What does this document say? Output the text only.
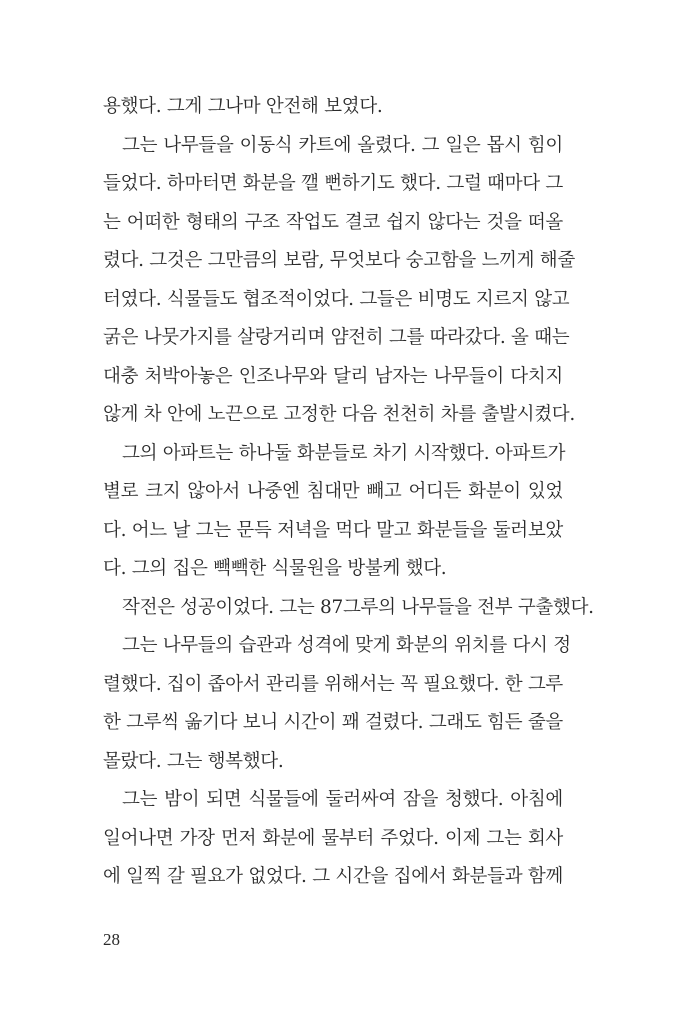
용했다. 그게 그나마 안전해 보였다.
그는 나무들을 이동식 카트에 올렸다. 그 일은 몹시 힘이
들었다. 하마터면 화분을 깰 뻔하기도 했다. 그럴 때마다 그
는 어떠한 형태의 구조 작업도 결코 쉽지 않다는 것을 떠올
렸다. 그것은 그만큼의 보람, 무엇보다 숭고함을 느끼게 해줄
터였다. 식물들도 협조적이었다. 그들은 비명도 지르지 않고
굵은 나뭇가지를 살랑거리며 얌전히 그를 따라갔다. 올 때는
대충 처박아놓은 인조나무와 달리 남자는 나무들이 다치지
않게 차 안에 노끈으로 고정한 다음 천천히 차를 출발시켰다.
그의 아파트는 하나둘 화분들로 차기 시작했다. 아파트가
별로 크지 않아서 나중엔 침대만 빼고 어디든 화분이 있었
다. 어느 날 그는 문득 저녁을 먹다 말고 화분들을 둘러보았
다. 그의 집은 빽빽한 식물원을 방불케 했다.
작전은 성공이었다. 그는 87그루의 나무들을 전부 구출했다.
그는 나무들의 습관과 성격에 맞게 화분의 위치를 다시 정
렬했다. 집이 좁아서 관리를 위해서는 꼭 필요했다. 한 그루
한 그루씩 옮기다 보니 시간이 꽤 걸렸다. 그래도 힘든 줄을
몰랐다. 그는 행복했다.
그는 밤이 되면 식물들에 둘러싸여 잠을 청했다. 아침에
일어나면 가장 먼저 화분에 물부터 주었다. 이제 그는 회사
에 일찍 갈 필요가 없었다. 그 시간을 집에서 화분들과 함께
28
